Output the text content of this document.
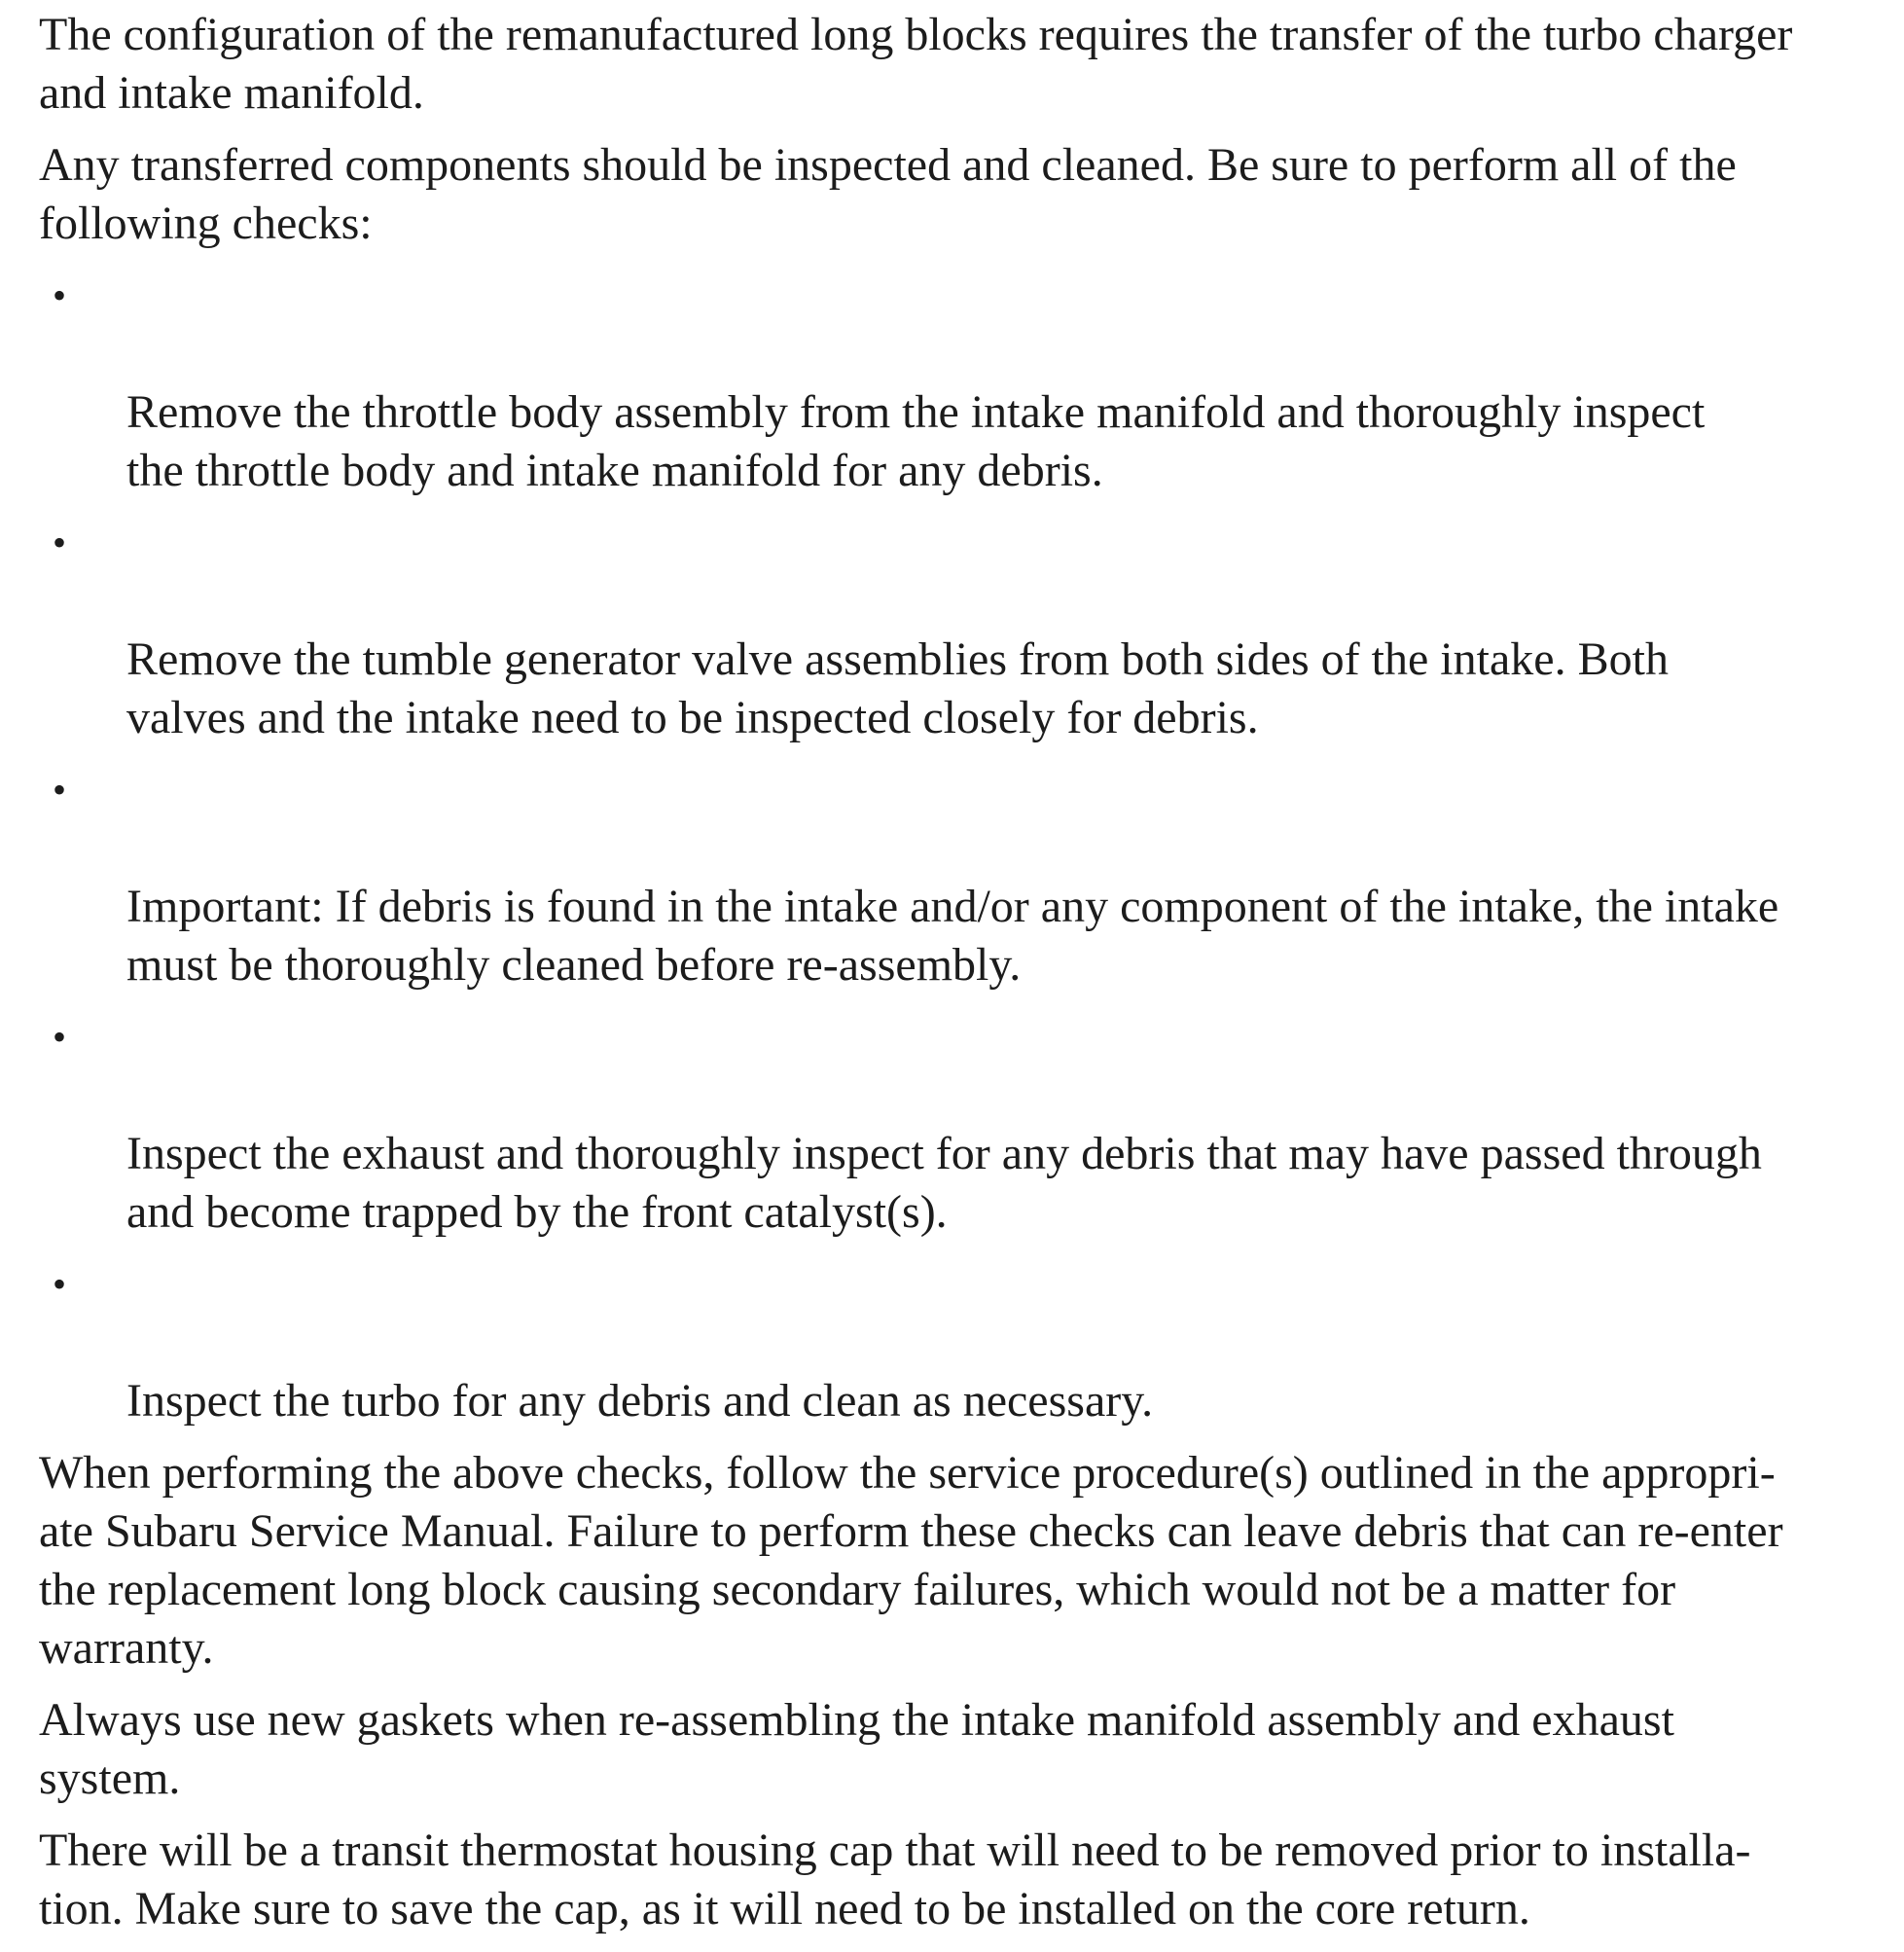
The configuration of the remanufactured long blocks requires the transfer of the turbo charger
and intake manifold.

Any transferred components should be inspected and cleaned. Be sure to perform all of the
following checks:

•

Remove the throttle body assembly from the intake manifold and thoroughly inspect
the throttle body and intake manifold for any debris.

•

Remove the tumble generator valve assemblies from both sides of the intake. Both
valves and the intake need to be inspected closely for debris.

•

Important: If debris is found in the intake and/or any component of the intake, the intake
must be thoroughly cleaned before re-assembly.

•

Inspect the exhaust and thoroughly inspect for any debris that may have passed through
and become trapped by the front catalyst(s).

•

Inspect the turbo for any debris and clean as necessary.

When performing the above checks, follow the service procedure(s) outlined in the appropri-
ate Subaru Service Manual. Failure to perform these checks can leave debris that can re-enter
the replacement long block causing secondary failures, which would not be a matter for
warranty.

Always use new gaskets when re-assembling the intake manifold assembly and exhaust
system.

There will be a transit thermostat housing cap that will need to be removed prior to installa-
tion. Make sure to save the cap, as it will need to be installed on the core return.
